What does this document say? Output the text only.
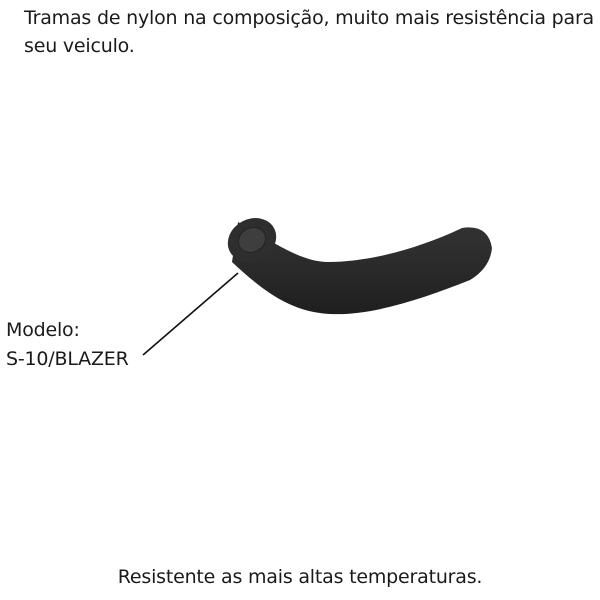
Tramas de nylon na composição, muito mais resistência para seu veiculo.
Modelo:
S-10/BLAZER
Resistente as mais altas temperaturas.
